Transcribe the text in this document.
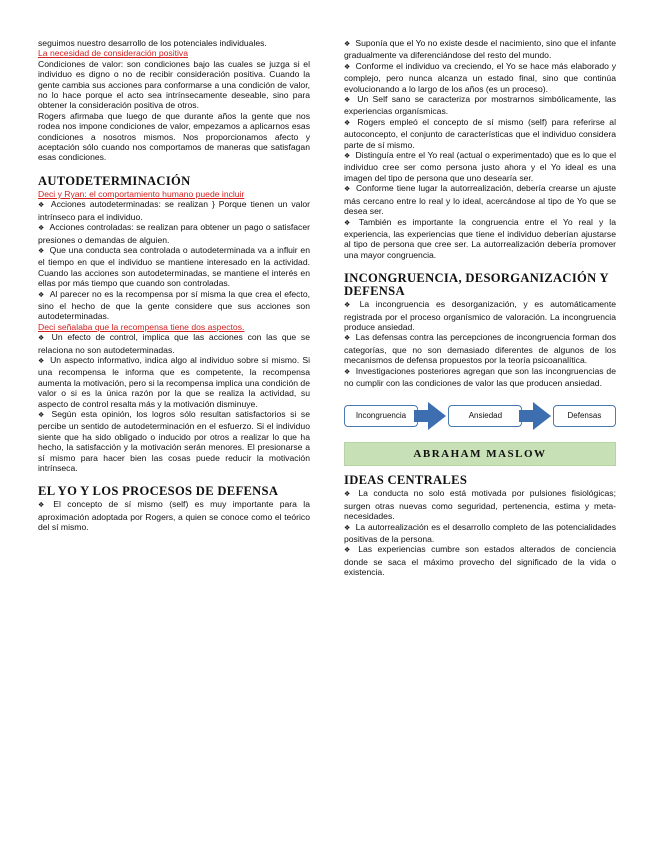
seguimos nuestro desarrollo de los potenciales individuales.

La necesidad de consideración positiva

Condiciones de valor: son condiciones bajo las cuales se juzga si el individuo es digno o no de recibir consideración positiva. Cuando la gente cambia sus acciones para conformarse a una condición de valor, no lo hace porque el acto sea intrínsecamente deseable, sino para obtener la consideración positiva de otros.

Rogers afirmaba que luego de que durante años la gente que nos rodea nos impone condiciones de valor, empezamos a aplicarnos esas condiciones a nosotros mismos. Nos proporcionamos afecto y aceptación sólo cuando nos comportamos de maneras que satisfagan esas condiciones.

AUTODETERMINACIÓN

Deci y Ryan: el comportamiento humano puede incluir

❖ Acciones autodeterminadas: se realizan } Porque tienen un valor intrínseco para el individuo.

❖ Acciones controladas: se realizan para obtener un pago o satisfacer presiones o demandas de alguien.

❖ Que una conducta sea controlada o autodeterminada va a influir en el tiempo en que el individuo se mantiene interesado en la actividad. Cuando las acciones son autodeterminadas, se mantiene el interés en ellas por más tiempo que cuando son controladas.

❖ Al parecer no es la recompensa por sí misma la que crea el efecto, sino el hecho de que la gente considere que sus acciones son autodeterminadas.

Deci señalaba que la recompensa tiene dos aspectos.

❖ Un efecto de control, implica que las acciones con las que se relaciona no son autodeterminadas.

❖ Un aspecto informativo, indica algo al individuo sobre sí mismo. Si una recompensa le informa que es competente, la recompensa aumenta la motivación, pero si la recompensa implica una condición de valor o si es la única razón por la que se realiza la actividad, su aspecto de control resalta más y la motivación disminuye.

❖ Según esta opinión, los logros sólo resultan satisfactorios si se percibe un sentido de autodeterminación en el esfuerzo. Si el individuo siente que ha sido obligado o inducido por otros a realizar lo que ha hecho, la satisfacción y la motivación serán menores. El presionarse a sí mismo para hacer bien las cosas puede reducir la motivación intrínseca.

EL YO Y LOS PROCESOS DE DEFENSA

❖ El concepto de sí mismo (self) es muy importante para la aproximación adoptada por Rogers, a quien se conoce como el teórico del sí mismo.

❖ Suponía que el Yo no existe desde el nacimiento, sino que el infante gradualmente va diferenciándose del resto del mundo.

❖ Conforme el individuo va creciendo, el Yo se hace más elaborado y complejo, pero nunca alcanza un estado final, sino que continúa evolucionando a lo largo de los años (es un proceso).

❖ Un Self sano se caracteriza por mostrarnos simbólicamente, las experiencias organísmicas.

❖ Rogers empleó el concepto de sí mismo (self) para referirse al autoconcepto, el conjunto de características que el individuo considera parte de sí mismo.

❖ Distinguía entre el Yo real (actual o experimentado) que es lo que el individuo cree ser como persona justo ahora y el Yo ideal es una imagen del tipo de persona que uno desearía ser.

❖ Conforme tiene lugar la autorrealización, debería crearse un ajuste más cercano entre lo real y lo ideal, acercándose al tipo de Yo que se desea ser.

❖ También es importante la congruencia entre el Yo real y la experiencia, las experiencias que tiene el individuo deberían ajustarse al tipo de persona que cree ser. La autorrealización debería promover una mayor congruencia.

INCONGRUENCIA, DESORGANIZACIÓN Y DEFENSA

❖ La incongruencia es desorganización, y es automáticamente registrada por el proceso organísmico de valoración. La incongruencia produce ansiedad.

❖ Las defensas contra las percepciones de incongruencia forman dos categorías, que no son demasiado diferentes de algunos de los mecanismos de defensa propuestos por la teoría psicoanalítica.

❖ Investigaciones posteriores agregan que son las incongruencias de no cumplir con las condiciones de valor las que producen ansiedad.

Incongruencia	Ansiedad	Defensas
ABRAHAM MASLOW
IDEAS CENTRALES

❖ La conducta no solo está motivada por pulsiones fisiológicas; surgen otras nuevas como seguridad, pertenencia, estima y meta-necesidades.

❖ La autorrealización es el desarrollo completo de las potencialidades positivas de la persona.

❖ Las experiencias cumbre son estados alterados de conciencia donde se saca el máximo provecho del significado de la vida o existencia.
